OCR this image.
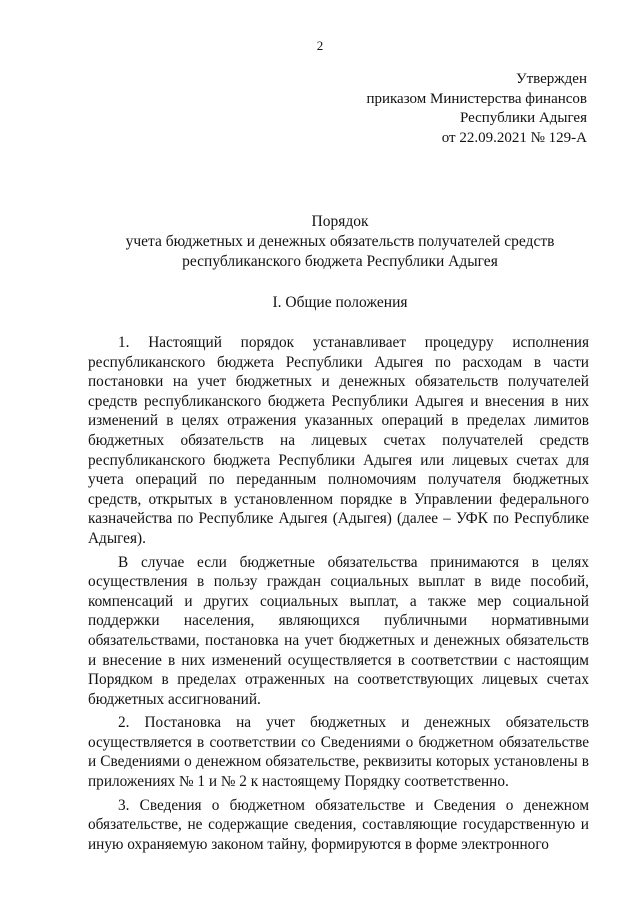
2
Утвержден
приказом Министерства финансов
Республики Адыгея
от 22.09.2021 № 129-А
Порядок
учета бюджетных и денежных обязательств получателей средств
республиканского бюджета Республики Адыгея
I. Общие положения

1. Настоящий порядок устанавливает процедуру исполнения республиканского бюджета Республики Адыгея по расходам в части постановки на учет бюджетных и денежных обязательств получателей средств республиканского бюджета Республики Адыгея и внесения в них изменений в целях отражения указанных операций в пределах лимитов бюджетных обязательств на лицевых счетах получателей средств республиканского бюджета Республики Адыгея или лицевых счетах для учета операций по переданным полномочиям получателя бюджетных средств, открытых в установленном порядке в Управлении федерального казначейства по Республике Адыгея (Адыгея) (далее – УФК по Республике Адыгея).

В случае если бюджетные обязательства принимаются в целях осуществления в пользу граждан социальных выплат в виде пособий, компенсаций и других социальных выплат, а также мер социальной поддержки населения, являющихся публичными нормативными обязательствами, постановка на учет бюджетных и денежных обязательств и внесение в них изменений осуществляется в соответствии с настоящим Порядком в пределах отраженных на соответствующих лицевых счетах бюджетных ассигнований.

2. Постановка на учет бюджетных и денежных обязательств осуществляется в соответствии со Сведениями о бюджетном обязательстве и Сведениями о денежном обязательстве, реквизиты которых установлены в приложениях № 1 и № 2 к настоящему Порядку соответственно.

3. Сведения о бюджетном обязательстве и Сведения о денежном обязательстве, не содержащие сведения, составляющие государственную и иную охраняемую законом тайну, формируются в форме электронного
